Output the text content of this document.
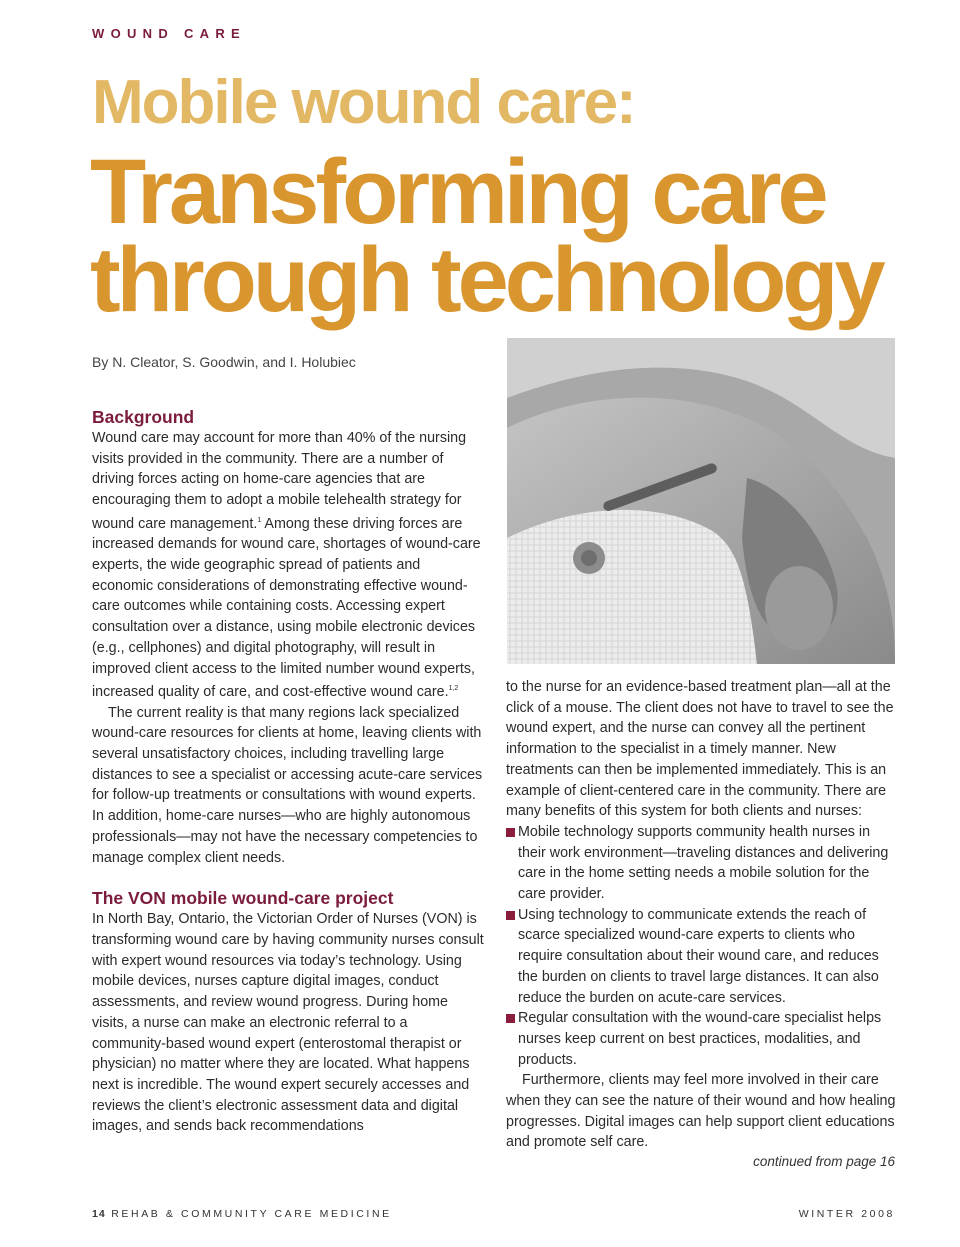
WOUND CARE
Mobile wound care:
Transforming care
through technology
By N. Cleator, S. Goodwin, and I. Holubiec
Background

Wound care may account for more than 40% of the nursing visits provided in the community. There are a number of driving forces acting on home-care agencies that are encouraging them to adopt a mobile telehealth strategy for wound care management.$^1$ Among these driving forces are increased demands for wound care, shortages of wound-care experts, the wide geographic spread of patients and economic considerations of demonstrating effective wound-care outcomes while containing costs. Accessing expert consultation over a distance, using mobile electronic devices (e.g., cellphones) and digital photography, will result in improved client access to the limited number wound experts, increased quality of care, and cost-effective wound care.$^{1,2}$

The current reality is that many regions lack specialized wound-care resources for clients at home, leaving clients with several unsatisfactory choices, including travelling large distances to see a specialist or accessing acute-care services for follow-up treatments or consultations with wound experts. In addition, home-care nurses—who are highly autonomous professionals—may not have the necessary competencies to manage complex client needs.

The VON mobile wound-care project

In North Bay, Ontario, the Victorian Order of Nurses (VON) is transforming wound care by having community nurses consult with expert wound resources via today’s technology. Using mobile devices, nurses capture digital images, conduct assessments, and review wound progress. During home visits, a nurse can make an electronic referral to a community-based wound expert (enterostomal therapist or physician) no matter where they are located. What happens next is incredible. The wound expert securely accesses and reviews the client’s electronic assessment data and digital images, and sends back recommendations

to the nurse for an evidence-based treatment plan—all at the click of a mouse. The client does not have to travel to see the wound expert, and the nurse can convey all the pertinent information to the specialist in a timely manner. New treatments can then be implemented immediately. This is an example of client-centered care in the community. There are many benefits of this system for both clients and nurses:

Mobile technology supports community health nurses in their work environment—traveling distances and delivering care in the home setting needs a mobile solution for the care provider.
Using technology to communicate extends the reach of scarce specialized wound-care experts to clients who require consultation about their wound care, and reduces the burden on clients to travel large distances. It can also reduce the burden on acute-care services.
Regular consultation with the wound-care specialist helps nurses keep current on best practices, modalities, and products.

Furthermore, clients may feel more involved in their care when they can see the nature of their wound and how healing progresses. Digital images can help support client educations and promote self care.

continued from page 16
14 REHAB & COMMUNITY CARE MEDICINE	WINTER 2008
